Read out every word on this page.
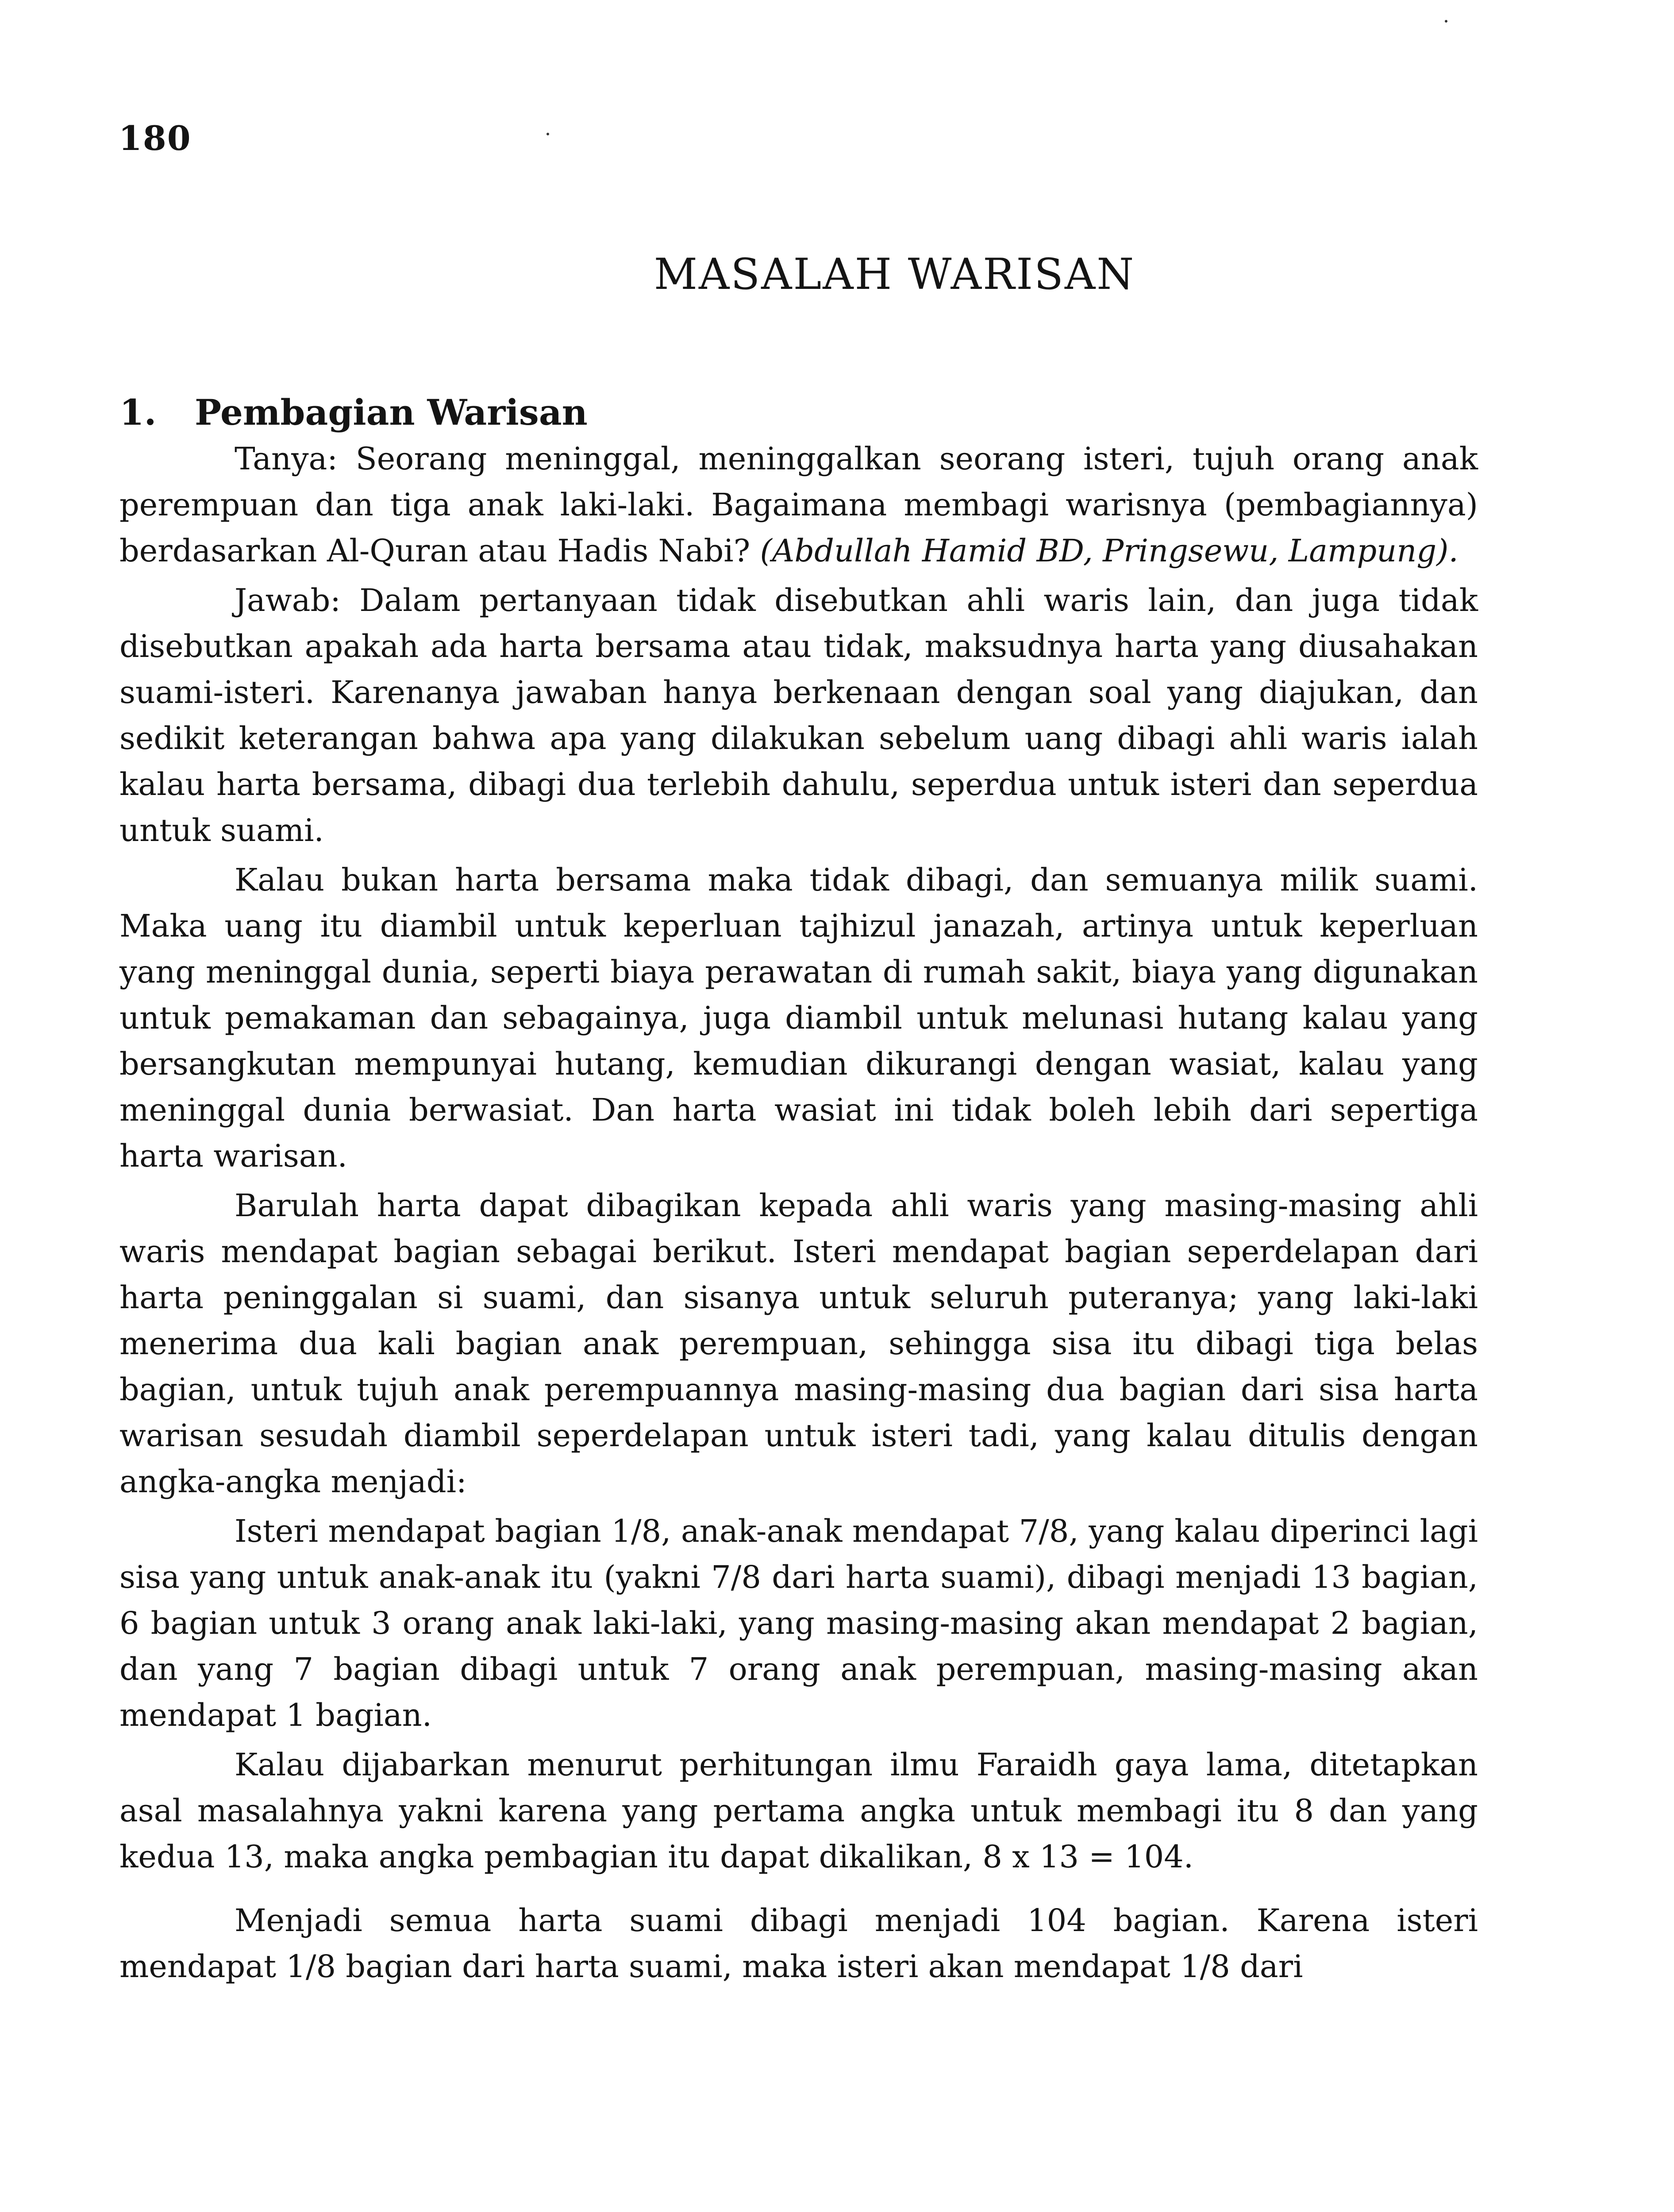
180
MASALAH WARISAN
1. Pembagian Warisan

Tanya: Seorang meninggal, meninggalkan seorang isteri, tujuh orang anak perempuan dan tiga anak laki-laki. Bagaimana membagi warisnya (pembagiannya) berdasarkan Al-Quran atau Hadis Nabi? (Abdullah Hamid BD, Pringsewu, Lampung).

Jawab: Dalam pertanyaan tidak disebutkan ahli waris lain, dan juga tidak disebutkan apakah ada harta bersama atau tidak, maksudnya harta yang diusahakan suami-isteri. Karenanya jawaban hanya berkenaan dengan soal yang diajukan, dan sedikit keterangan bahwa apa yang dilakukan sebelum uang dibagi ahli waris ialah kalau harta bersama, dibagi dua terlebih dahulu, seperdua untuk isteri dan seperdua untuk suami.

Kalau bukan harta bersama maka tidak dibagi, dan semuanya milik suami. Maka uang itu diambil untuk keperluan tajhizul janazah, artinya untuk keperluan yang meninggal dunia, seperti biaya perawatan di rumah sakit, biaya yang digunakan untuk pemakaman dan sebagainya, juga diambil untuk melunasi hutang kalau yang bersangkutan mempunyai hutang, kemudian dikurangi dengan wasiat, kalau yang meninggal dunia berwasiat. Dan harta wasiat ini tidak boleh lebih dari sepertiga harta warisan.

Barulah harta dapat dibagikan kepada ahli waris yang masing-masing ahli waris mendapat bagian sebagai berikut. Isteri mendapat bagian seperdelapan dari harta peninggalan si suami, dan sisanya untuk seluruh puteranya; yang laki-laki menerima dua kali bagian anak perempuan, sehingga sisa itu dibagi tiga belas bagian, untuk tujuh anak perempuannya masing-masing dua bagian dari sisa harta warisan sesudah diambil seperdelapan untuk isteri tadi, yang kalau ditulis dengan angka-angka menjadi:

Isteri mendapat bagian 1/8, anak-anak mendapat 7/8, yang kalau diperinci lagi sisa yang untuk anak-anak itu (yakni 7/8 dari harta suami), dibagi menjadi 13 bagian, 6 bagian untuk 3 orang anak laki-laki, yang masing-masing akan mendapat 2 bagian, dan yang 7 bagian dibagi untuk 7 orang anak perempuan, masing-masing akan mendapat 1 bagian.

Kalau dijabarkan menurut perhitungan ilmu Faraidh gaya lama, ditetapkan asal masalahnya yakni karena yang pertama angka untuk membagi itu 8 dan yang kedua 13, maka angka pembagian itu dapat dikalikan, 8 x 13 = 104.

Menjadi semua harta suami dibagi menjadi 104 bagian. Karena isteri mendapat 1/8 bagian dari harta suami, maka isteri akan mendapat 1/8 dari
